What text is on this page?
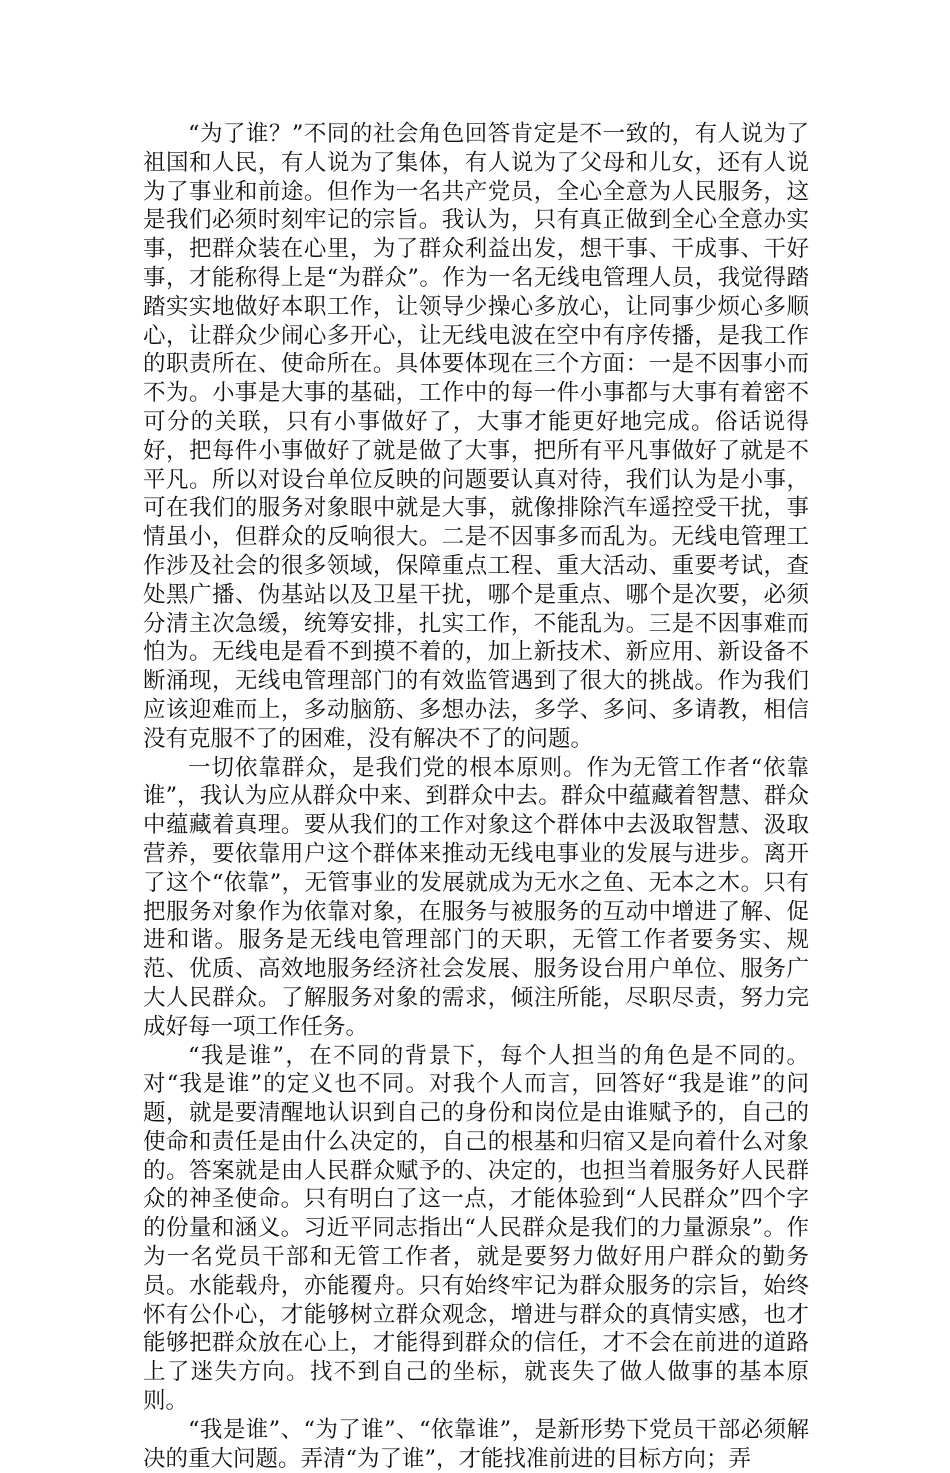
“为了谁？”不同的社会角色回答肯定是不一致的，有人说为了祖国和人民，有人说为了集体，有人说为了父母和儿女，还有人说为了事业和前途。但作为一名共产党员，全心全意为人民服务，这是我们必须时刻牢记的宗旨。我认为，只有真正做到全心全意办实事，把群众装在心里，为了群众利益出发，想干事、干成事、干好事，才能称得上是“为群众”。作为一名无线电管理人员，我觉得踏踏实实地做好本职工作，让领导少操心多放心，让同事少烦心多顺心，让群众少闹心多开心，让无线电波在空中有序传播，是我工作的职责所在、使命所在。具体要体现在三个方面：一是不因事小而不为。小事是大事的基础，工作中的每一件小事都与大事有着密不可分的关联，只有小事做好了，大事才能更好地完成。俗话说得好，把每件小事做好了就是做了大事，把所有平凡事做好了就是不平凡。所以对设台单位反映的问题要认真对待，我们认为是小事，可在我们的服务对象眼中就是大事，就像排除汽车遥控受干扰，事情虽小，但群众的反响很大。二是不因事多而乱为。无线电管理工作涉及社会的很多领域，保障重点工程、重大活动、重要考试，查处黑广播、伪基站以及卫星干扰，哪个是重点、哪个是次要，必须分清主次急缓，统筹安排，扎实工作，不能乱为。三是不因事难而怕为。无线电是看不到摸不着的，加上新技术、新应用、新设备不断涌现，无线电管理部门的有效监管遇到了很大的挑战。作为我们应该迎难而上，多动脑筋、多想办法，多学、多问、多请教，相信没有克服不了的困难，没有解决不了的问题。

一切依靠群众，是我们党的根本原则。作为无管工作者“依靠谁”，我认为应从群众中来、到群众中去。群众中蕴藏着智慧、群众中蕴藏着真理。要从我们的工作对象这个群体中去汲取智慧、汲取营养，要依靠用户这个群体来推动无线电事业的发展与进步。离开了这个“依靠”，无管事业的发展就成为无水之鱼、无本之木。只有把服务对象作为依靠对象，在服务与被服务的互动中增进了解、促进和谐。服务是无线电管理部门的天职，无管工作者要务实、规范、优质、高效地服务经济社会发展、服务设台用户单位、服务广大人民群众。了解服务对象的需求，倾注所能，尽职尽责，努力完成好每一项工作任务。

“我是谁”，在不同的背景下，每个人担当的角色是不同的。对“我是谁”的定义也不同。对我个人而言，回答好“我是谁”的问题，就是要清醒地认识到自己的身份和岗位是由谁赋予的，自己的使命和责任是由什么决定的，自己的根基和归宿又是向着什么对象的。答案就是由人民群众赋予的、决定的，也担当着服务好人民群众的神圣使命。只有明白了这一点，才能体验到“人民群众”四个字的份量和涵义。习近平同志指出“人民群众是我们的力量源泉”。作为一名党员干部和无管工作者，就是要努力做好用户群众的勤务员。水能载舟，亦能覆舟。只有始终牢记为群众服务的宗旨，始终怀有公仆心，才能够树立群众观念，增进与群众的真情实感，也才能够把群众放在心上，才能得到群众的信任，才不会在前进的道路上了迷失方向。找不到自己的坐标，就丧失了做人做事的基本原则。

“我是谁”、“为了谁”、“依靠谁”，是新形势下党员干部必须解决的重大问题。弄清“为了谁”，才能找准前进的目标方向；弄
